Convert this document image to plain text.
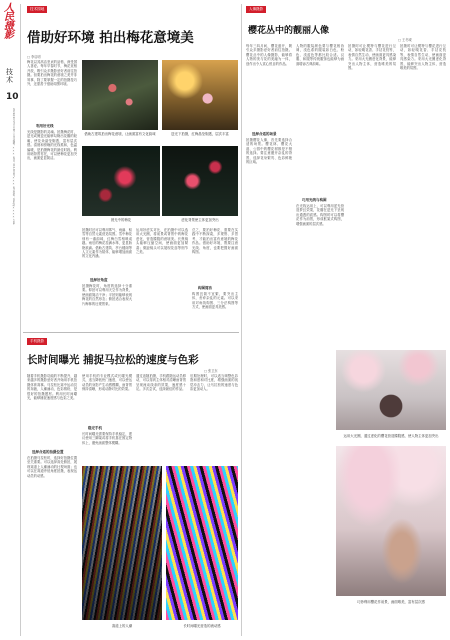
人民摄影
技术
10
2024年4月17日 星期三 责任编辑：××× 电话：010-65367××× 电子信箱：rmsy@××××.com
技术园地
借助好环境 拍出梅花意境美
□ 李启明
梅花以其高洁坚贞的品格，深受国人喜爱。每年早春时节，梅花竞相开放，吸引众多摄影爱好者前往拍摄。但要拍出梅花的意境之美并非易事，除了要掌握一定的拍摄技巧外，还需善于借助周围环境。
利用好光线
光线是摄影的灵魂。拍摄梅花时，逆光或侧逆光能够勾勒出花瓣的轮廓，使花朵晶莹剔透，富有层次感。清晨和傍晚的光线柔和，色温偏暖，是拍摄梅花的最佳时段。利用暗背景衬托，可以使梅花更加突出，画面更显简洁。
借助古建筑拍出梅花意境，让画面富有文化韵味	逆光下拍摄，红梅晶莹剔透，层次丰富
晨光中的梅花	虚化背景使主体更加突出
拍摄时还可以利用雾气、雨滴、积雪等自然元素营造氛围。雪中梅花别有一番韵味，红梅白雪相映成趣。雨后的梅花挂满水珠，更显娇艳欲滴。借助古建筑、亭台楼阁等人文元素作为陪体，能够增加画面的文化内涵。
选择好角度
拍摄梅花时，角度的选择十分重要。仰拍可以利用天空作为背景，使画面简洁干净；平拍则能够表现梅花的自然形态；俯拍适合表现大片梅林的壮观景象。
运用好虚实对比，在拍摄中可以选用大光圈，将前景或背景中的梅花虚化，营造朦胧的意境美。长焦镜头能够压缩空间，使画面更加紧凑；微距镜头可以展现花蕊等细节之美。
总之，要拍好梅花，需要在实践中不断探索，多观察、多思考，才能拍出富有意境的梅花作品。借助好环境，既要注意光线、角度，也要把握好画面构图。
构图简洁
构图宜简不宜繁，要突出主体，舍弃杂乱的元素。可以采用对角线构图、三分法构图等方式，使画面更具美感。
人像摄影
樱花丛中的靓丽人像
□ 王冬城
每年三四月间，樱花盛开，吸引众多摄影爱好者前往拍摄。樱花丛中的人像摄影，能够将人物的美与花的美融为一体，创作出令人赏心悦目的作品。
选择合适的场景
拍摄樱花人像，首先要选择合适的场景。樱花林、樱花大道、公园中的樱花树都是不错的选择。要注意避开杂乱的背景，选择花朵繁茂、色彩鲜艳的区域。
人物的服装颜色要与樱花相协调，浅色系的服装如白色、粉色、浅蓝色等都比较合适。汉服、和服等传统服饰也能够为画面增添古典韵味。
巧用光线与构图
在光线运用上，可以利用逆光营造梦幻效果，花瓣在逆光下呈现出通透的质感。构图时可以将樱花作为前景，形成框架式构图，增强画面的层次感。
拍摄时可让模特与樱花进行互动，如轻嗅花香、手拈花枝等，表情自然生动，使画面更具感染力。采用大光圈虚化背景，能够突出人物主体，营造唯美的氛围。
拍摄时可让模特与樱花进行互动，如轻嗅花香、手拈花枝等，表情自然生动，使画面更具感染力。采用大光圈虚化背景，能够突出人物主体，营造唯美的氛围。
运用大光圈，通过虚化的樱花营造朦胧感，使人物主体更加突出
巧妙利用樱花作前景，画面唯美，富有层次感
手机摄影
长时间曝光 捕捉马拉松的速度与色彩
□ 张卫东
随着手机摄影功能的不断提升，越来越多的摄影爱好者开始用手机拍摄体育赛事。马拉松比赛中运动员的奔跑，人潮涌动，色彩缤纷，是很好的拍摄题材。利用长时间曝光，能够捕捉速度感与色彩之美。
选择合适的拍摄位置
在拍摄马拉松时，选择好拍摄位置至关重要。可以选择高处俯拍，展现赛道上人潮涌动的壮观场面；也可以在赛道旁低角度拍摄，表现运动员的动感。
使用手机的专业模式或长曝光模式，适当降低快门速度，可以使运动员的身影产生动感模糊，而背景保持清晰，形成动静对比的效果。
稳定手机
长时间曝光需要保持手机稳定，建议使用三脚架或将手机靠在固定物体上，避免画面整体模糊。
通过追随拍摄，手机跟随运动员移动，可以得到主体相对清晰而背景呈现流动线条的效果，速度感十足。多次尝试，选择最佳的作品。
后期处理时，可以适当调整色彩饱和度和对比度，增强画面的视觉冲击力，让马拉松的速度与色彩更加动人。
赛道上的人潮	长时间曝光营造的流动感
